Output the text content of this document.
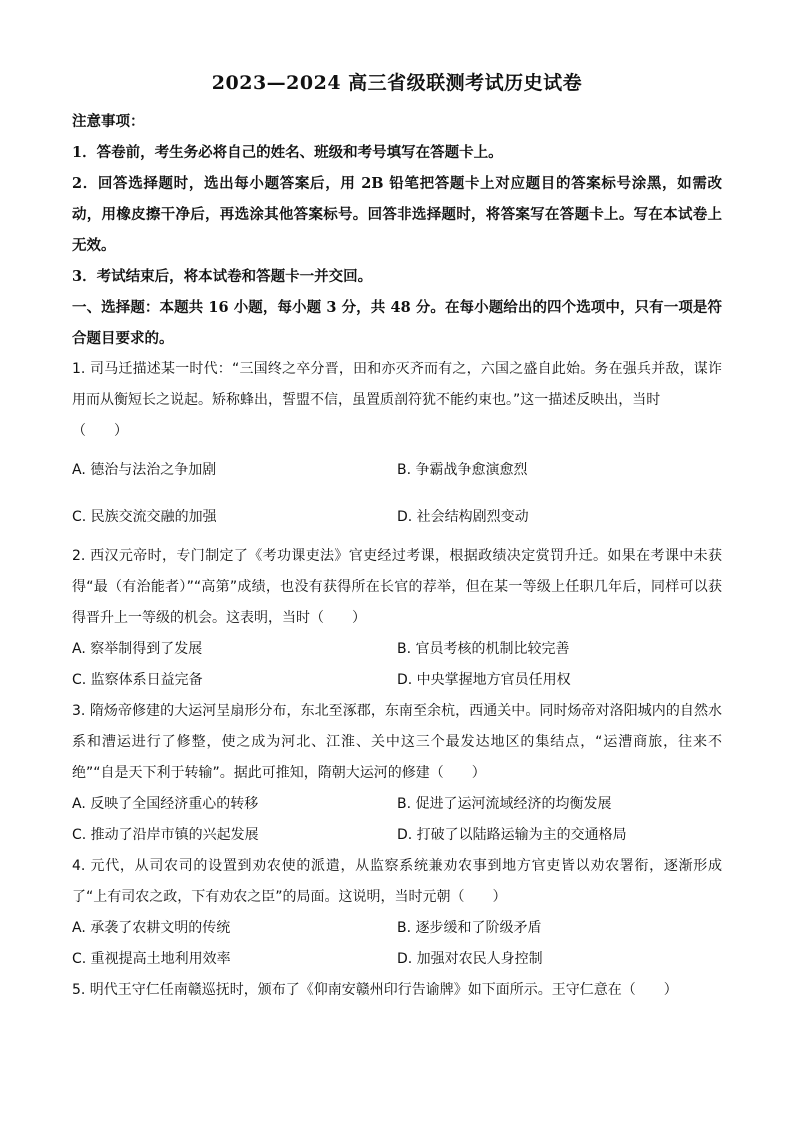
2023—2024 高三省级联测考试历史试卷
注意事项：
1．答卷前，考生务必将自己的姓名、班级和考号填写在答题卡上。
2．回答选择题时，选出每小题答案后，用 2B 铅笔把答题卡上对应题目的答案标号涂黑，如需改动，用橡皮擦干净后，再选涂其他答案标号。回答非选择题时，将答案写在答题卡上。写在本试卷上无效。
3．考试结束后，将本试卷和答题卡一并交回。
一、选择题：本题共 16 小题，每小题 3 分，共 48 分。在每小题给出的四个选项中，只有一项是符合题目要求的。
1. 司马迁描述某一时代：“三国终之卒分晋，田和亦灭齐而有之，六国之盛自此始。务在强兵并敌，谋诈用而从衡短长之说起。矫称蜂出，誓盟不信，虽置质剖符犹不能约束也。”这一描述反映出，当时
（　　）
A. 德治与法治之争加剧	B. 争霸战争愈演愈烈
C. 民族交流交融的加强	D. 社会结构剧烈变动
2. 西汉元帝时，专门制定了《考功课吏法》官吏经过考课，根据政绩决定赏罚升迁。如果在考课中未获得“最（有治能者）”“高第”成绩，也没有获得所在长官的荐举，但在某一等级上任职几年后，同样可以获得晋升上一等级的机会。这表明，当时（　　）
A. 察举制得到了发展	B. 官员考核的机制比较完善
C. 监察体系日益完备	D. 中央掌握地方官员任用权
3. 隋炀帝修建的大运河呈扇形分布，东北至涿郡，东南至余杭，西通关中。同时炀帝对洛阳城内的自然水系和漕运进行了修整，使之成为河北、江淮、关中这三个最发达地区的集结点，“运漕商旅，往来不绝”“自是天下利于转输”。据此可推知，隋朝大运河的修建（　　）
A. 反映了全国经济重心的转移	B. 促进了运河流域经济的均衡发展
C. 推动了沿岸市镇的兴起发展	D. 打破了以陆路运输为主的交通格局
4. 元代，从司农司的设置到劝农使的派遣，从监察系统兼劝农事到地方官吏皆以劝农署衔，逐渐形成了“上有司农之政，下有劝农之臣”的局面。这说明，当时元朝（　　）
A. 承袭了农耕文明的传统	B. 逐步缓和了阶级矛盾
C. 重视提高土地利用效率	D. 加强对农民人身控制
5. 明代王守仁任南赣巡抚时，颁布了《仰南安赣州印行告谕牌》如下面所示。王守仁意在（　　）
